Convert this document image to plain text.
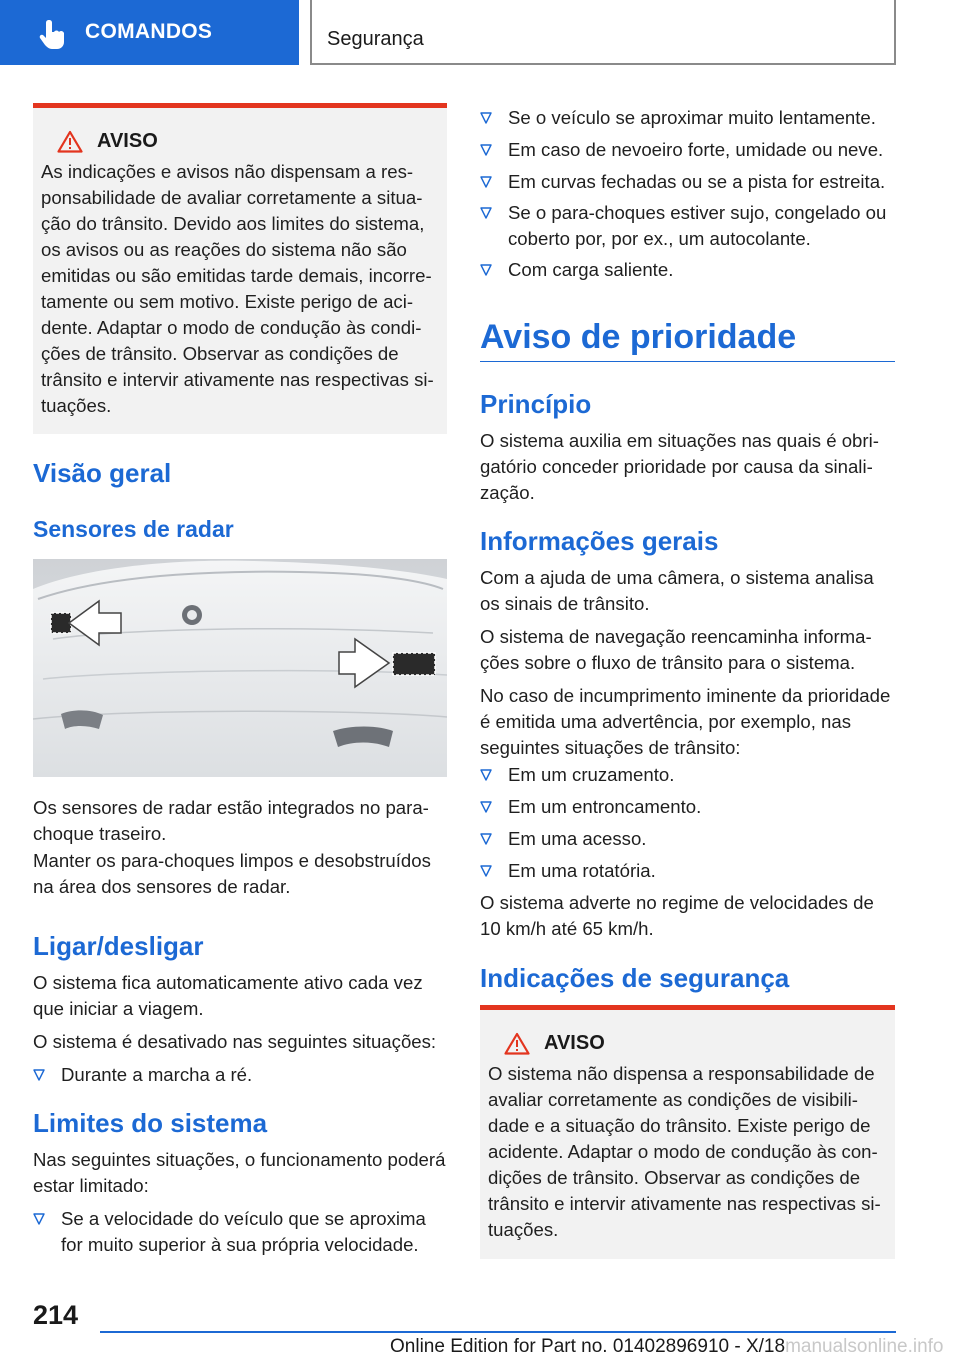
COMANDOS	Segurança
AVISO

As indicações e avisos não dispensam a responsabilidade de avaliar corretamente a situação do trânsito. Devido aos limites do sistema, os avisos ou as reações do sistema não são emitidas ou são emitidas tarde demais, incorretamente ou sem motivo. Existe perigo de acidente. Adaptar o modo de condução às condições de trânsito. Observar as condições de trânsito e intervir ativamente nas respectivas situações.

Visão geral
Sensores de radar

Os sensores de radar estão integrados no para-choque traseiro.

Manter os para-choques limpos e desobstruídos na área dos sensores de radar.

Ligar/desligar

O sistema fica automaticamente ativo cada vez que iniciar a viagem.

O sistema é desativado nas seguintes situações:

Durante a marcha a ré.
Limites do sistema

Nas seguintes situações, o funcionamento poderá estar limitado:

Se a velocidade do veículo que se aproxima for muito superior à sua própria velocidade.
Se o veículo se aproximar muito lentamente.
Em caso de nevoeiro forte, umidade ou neve.
Em curvas fechadas ou se a pista for estreita.
Se o para-choques estiver sujo, congelado ou coberto por, por ex., um autocolante.
Com carga saliente.
Aviso de prioridade
Princípio

O sistema auxilia em situações nas quais é obrigatório conceder prioridade por causa da sinalização.

Informações gerais

Com a ajuda de uma câmera, o sistema analisa os sinais de trânsito.

O sistema de navegação reencaminha informações sobre o fluxo de trânsito para o sistema.

No caso de incumprimento iminente da prioridade é emitida uma advertência, por exemplo, nas seguintes situações de trânsito:

Em um cruzamento.
Em um entroncamento.
Em uma acesso.
Em uma rotatória.

O sistema adverte no regime de velocidades de 10 km/h até 65 km/h.

Indicações de segurança
AVISO

O sistema não dispensa a responsabilidade de avaliar corretamente as condições de visibilidade e a situação do trânsito. Existe perigo de acidente. Adaptar o modo de condução às condições de trânsito. Observar as condições de trânsito e intervir ativamente nas respectivas situações.

214
Online Edition for Part no. 01402896910 - X/18manualsonline.info
